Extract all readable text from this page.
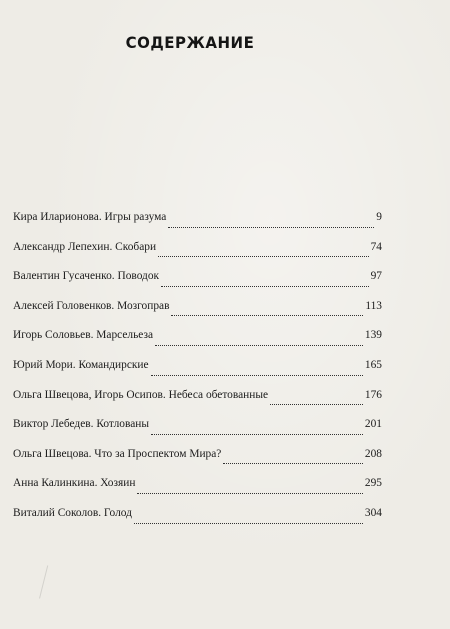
СОДЕРЖАНИЕ
Кира Иларионова. Игры разума	9
Александр Лепехин. Скобари	74
Валентин Гусаченко. Поводок	97
Алексей Головенков. Мозгоправ	113
Игорь Соловьев. Марсельеза	139
Юрий Мори. Командирские	165
Ольга Швецова, Игорь Осипов. Небеса обетованные	176
Виктор Лебедев. Котлованы	201
Ольга Швецова. Что за Проспектом Мира?	208
Анна Калинкина. Хозяин	295
Виталий Соколов. Голод	304
